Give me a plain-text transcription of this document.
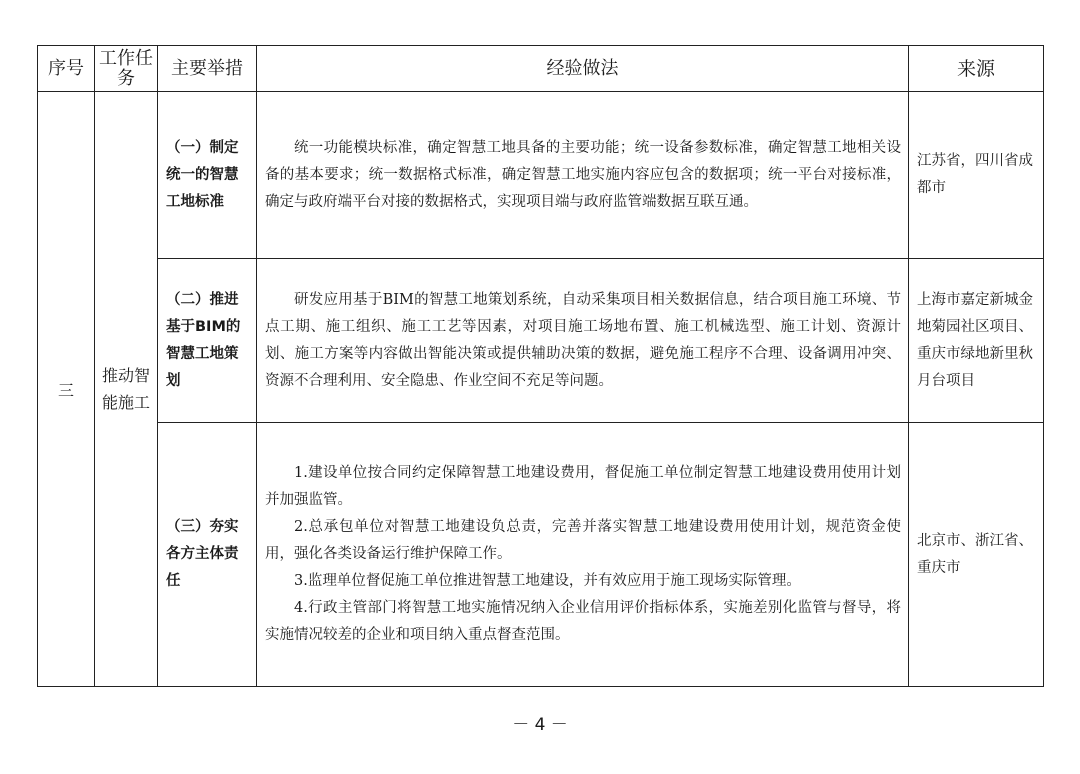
序号	工作任务	主要举措	经验做法	来源
三	推动智能施工	（一）制定统一的智慧工地标准	统一功能模块标准，确定智慧工地具备的主要功能；统一设备参数标准，确定智慧工地相关设备的基本要求；统一数据格式标准，确定智慧工地实施内容应包含的数据项；统一平台对接标准，确定与政府端平台对接的数据格式，实现项目端与政府监管端数据互联互通。	江苏省，四川省成都市
		（二）推进基于BIM的智慧工地策划	研发应用基于BIM的智慧工地策划系统，自动采集项目相关数据信息，结合项目施工环境、节点工期、施工组织、施工工艺等因素，对项目施工场地布置、施工机械选型、施工计划、资源计划、施工方案等内容做出智能决策或提供辅助决策的数据，避免施工程序不合理、设备调用冲突、资源不合理利用、安全隐患、作业空间不充足等问题。	上海市嘉定新城金地菊园社区项目、重庆市绿地新里秋月台项目
		（三）夯实各方主体责任	1.建设单位按合同约定保障智慧工地建设费用，督促施工单位制定智慧工地建设费用使用计划并加强监管。

2.总承包单位对智慧工地建设负总责，完善并落实智慧工地建设费用使用计划，规范资金使用，强化各类设备运行维护保障工作。

3.监理单位督促施工单位推进智慧工地建设，并有效应用于施工现场实际管理。

4.行政主管部门将智慧工地实施情况纳入企业信用评价指标体系，实施差别化监管与督导，将实施情况较差的企业和项目纳入重点督查范围。	北京市、浙江省、重庆市
－ 4 －
